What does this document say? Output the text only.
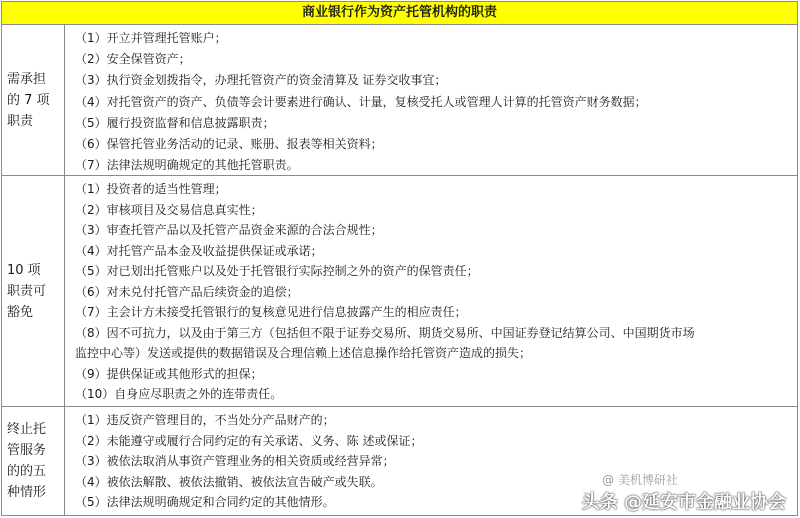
商业银行作为资产托管机构的职责
需承担
的 7 项
职责
（1）开立并管理托管账户；
（2）安全保管资产；
（3）执行资金划拨指令，办理托管资产的资金清算及 证券交收事宜；
（4）对托管资产的资产、负债等会计要素进行确认、计量，复核受托人或管理人计算的托管资产财务数据；
（5）履行投资监督和信息披露职责；
（6）保管托管业务活动的记录、账册、报表等相关资料；
（7）法律法规明确规定的其他托管职责。
10 项
职责可
豁免
（1）投资者的适当性管理；
（2）审核项目及交易信息真实性；
（3）审查托管产品以及托管产品资金来源的合法合规性；
（4）对托管产品本金及收益提供保证或承诺；
（5）对已划出托管账户以及处于托管银行实际控制之外的资产的保管责任；
（6）对未兑付托管产品后续资金的追偿；
（7）主会计方未接受托管银行的复核意见进行信息披露产生的相应责任；
（8）因不可抗力，以及由于第三方（包括但不限于证券交易所、期货交易所、中国证券登记结算公司、中国期货市场
监控中心等）发送或提供的数据错误及合理信赖上述信息操作给托管资产造成的损失；
（9）提供保证或其他形式的担保；
（10）自身应尽职责之外的连带责任。
终止托
管服务
的的五
种情形
（1）违反资产管理目的，不当处分产品财产的；
（2）未能遵守或履行合同约定的有关承诺、义务、陈 述或保证；
（3）被依法取消从事资产管理业务的相关资质或经营异常；
（4）被依法解散、被依法撤销、被依法宣告破产或失联。
（5）法律法规明确规定和合同约定的其他情形。
@ 美机博研社
头条 @延安市金融业协会
